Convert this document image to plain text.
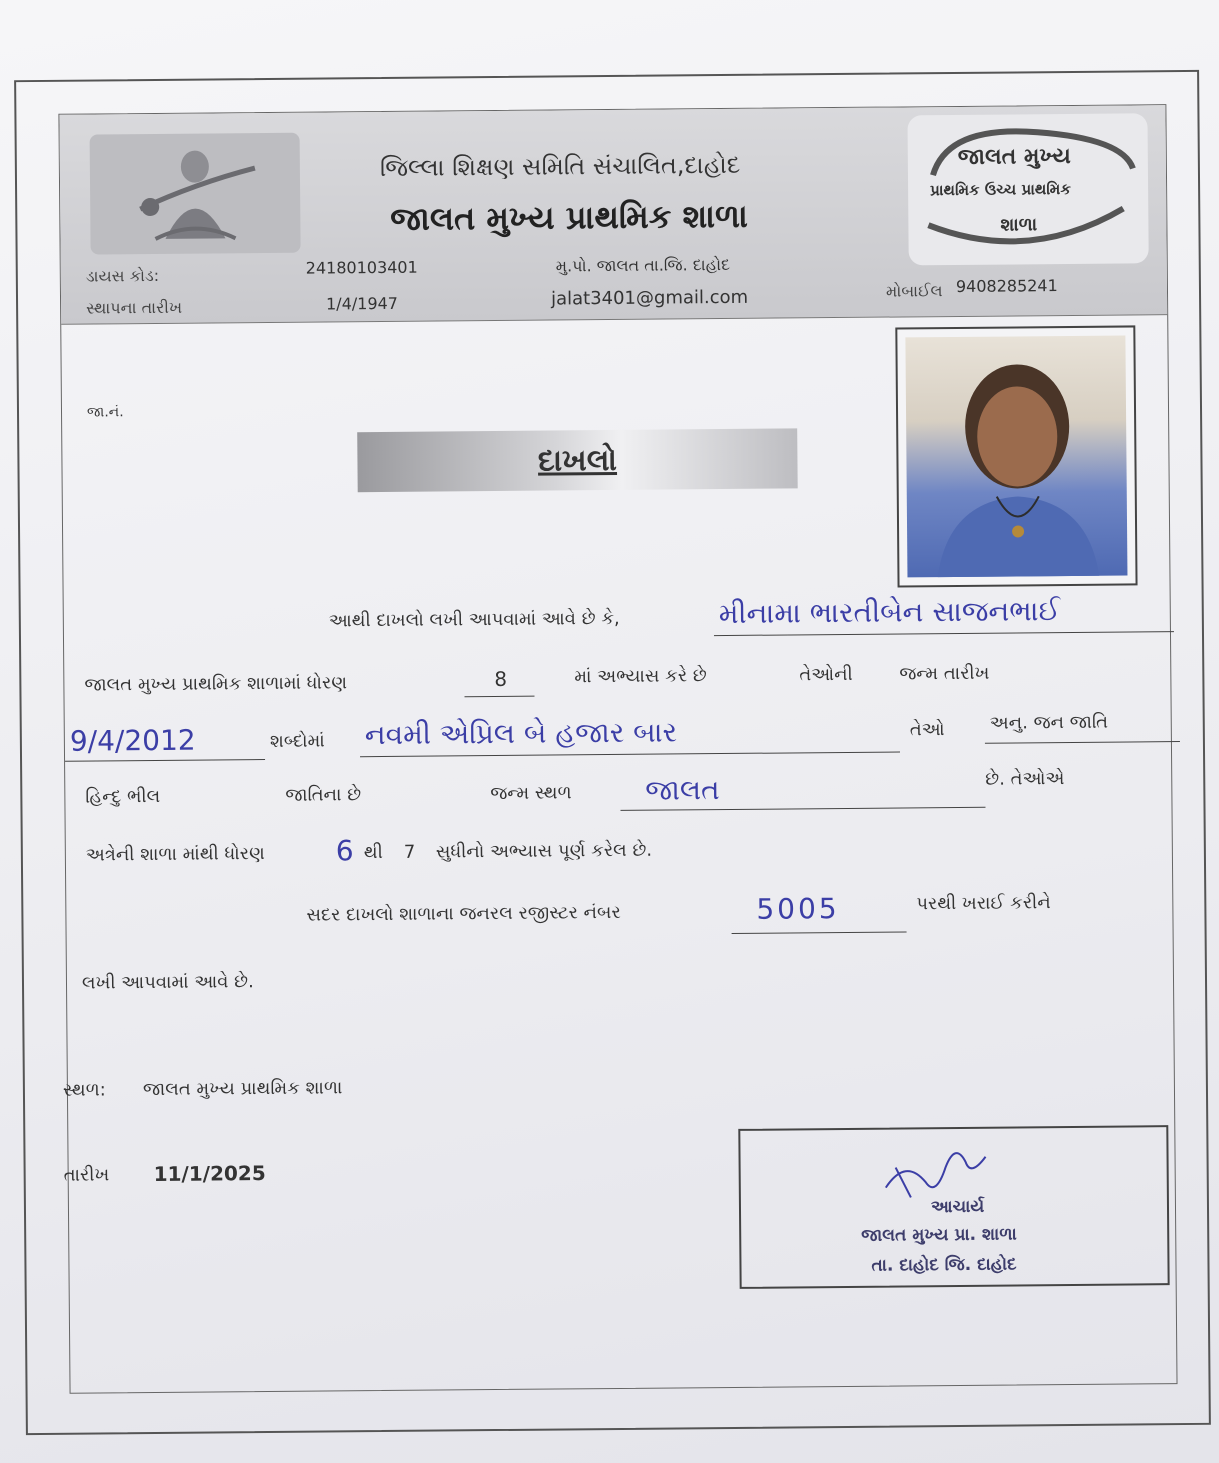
જિલ્લા શિક્ષણ સમિતિ સંચાલિત,દાહોદ
જાલત મુખ્ય પ્રાથમિક શાળા
જાલત મુખ્ય
પ્રાથમિક ઉચ્ચ પ્રાથમિક
શાળા
ડાયસ કોડ:	24180103401	મુ.પો. જાલત તા.જિ. દાહોદ
સ્થાપના તારીખ	1/4/1947	jalat3401@gmail.com	મોબાઈલ 9408285241
જા.નં.
દાખલો
આથી દાખલો લખી આપવામાં આવે છે કે,	મીનામા ભારતીબેન સાજનભાઈ
જાલત મુખ્ય પ્રાથમિક શાળામાં ધોરણ	8	માં અભ્યાસ કરે છે	તેઓની	જન્મ તારીખ
9/4/2012	શબ્દોમાં નવમી એપ્રિલ બે હજાર બાર	તેઓ અનુ. જન જાતિ
હિન્દુ ભીલ	જાતિના છે	જન્મ સ્થળ	જાલત	છે. તેઓએ
અત્રેની શાળા માંથી ધોરણ	6 થી 7 સુધીનો અભ્યાસ પૂર્ણ કરેલ છે.
સદર દાખલો શાળાના જનરલ રજીસ્ટર નંબર	5005	પરથી ખરાઈ કરીને
લખી આપવામાં આવે છે.
સ્થળ: જાલત મુખ્ય પ્રાથમિક શાળા
તારીખ 11/1/2025
આચાર્ય
જાલત મુખ્ય પ્રા. શાળા
તા. દાહોદ જિ. દાહોદ
